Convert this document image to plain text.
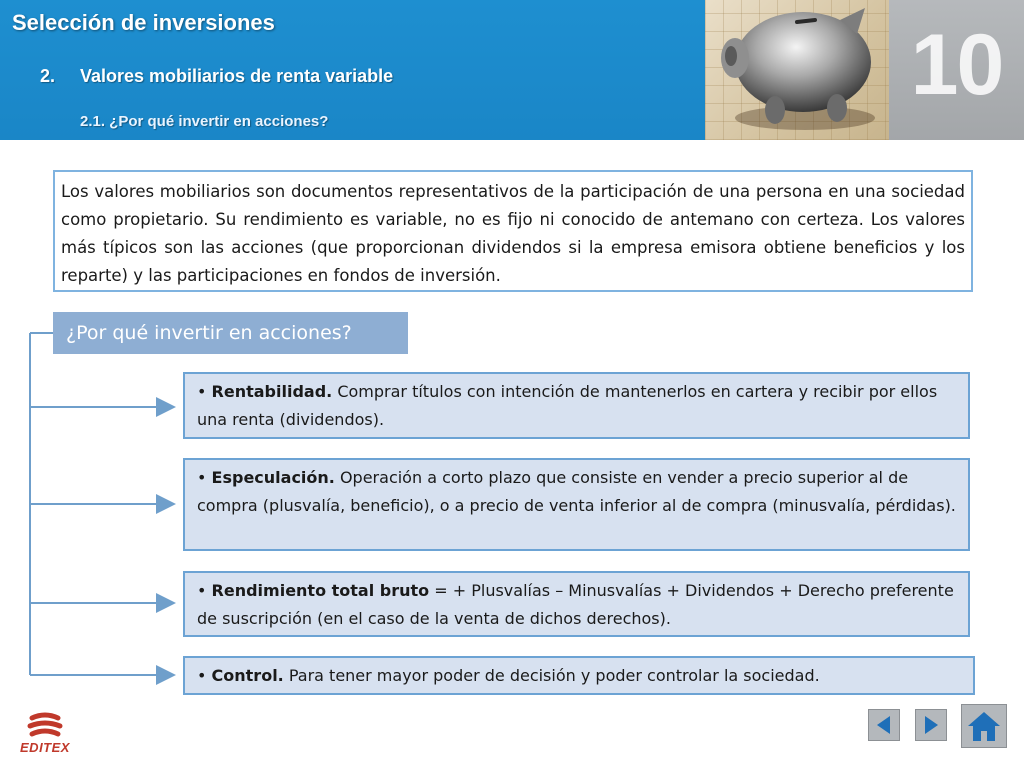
Selección de inversiones
2. Valores mobiliarios de renta variable
2.1. ¿Por qué invertir en acciones?
10

Los valores mobiliarios son documentos representativos de la participación de una persona en una sociedad como propietario. Su rendimiento es variable, no es fijo ni conocido de antemano con certeza. Los valores más típicos son las acciones (que proporcionan dividendos si la empresa emisora obtiene beneficios y los reparte) y las participaciones en fondos de inversión.

¿Por qué invertir en acciones?
• Rentabilidad. Comprar títulos con intención de mantenerlos en cartera y recibir por ellos una renta (dividendos).
• Especulación. Operación a corto plazo que consiste en vender a precio superior al de compra (plusvalía, beneficio), o a precio de venta inferior al de compra (minusvalía, pérdidas).
• Rendimiento total bruto = + Plusvalías – Minusvalías + Dividendos + Derecho preferente de suscripción (en el caso de la venta de dichos derechos).
• Control. Para tener mayor poder de decisión y poder controlar la sociedad.
EDITEX
